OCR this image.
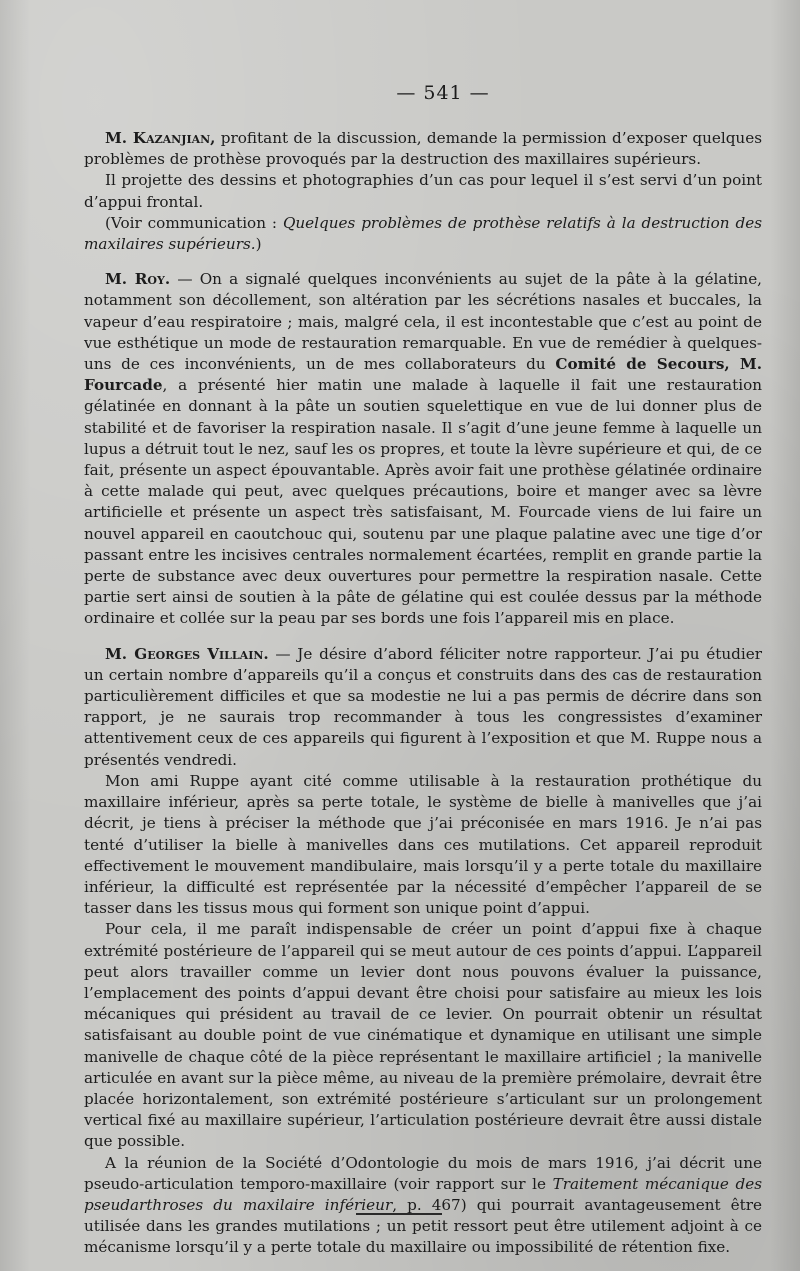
— 541 —

M. Kazanjian, profitant de la discussion, demande la permission d’exposer quelques problèmes de prothèse provoqués par la destruction des maxillaires supérieurs.

Il projette des dessins et photographies d’un cas pour lequel il s’est servi d’un point d’appui frontal.

(Voir communication : Quelques problèmes de prothèse relatifs à la destruction des maxilaires supérieurs.)

M. Roy. — On a signalé quelques inconvénients au sujet de la pâte à la gélatine, notamment son décollement, son altération par les sécrétions nasales et buccales, la vapeur d’eau respiratoire ; mais, malgré cela, il est incontestable que c’est au point de vue esthétique un mode de restauration remarquable. En vue de remédier à quelques-uns de ces inconvénients, un de mes collaborateurs du Comité de Secours, M. Fourcade, a présenté hier matin une malade à laquelle il fait une restauration gélatinée en donnant à la pâte un soutien squelettique en vue de lui donner plus de stabilité et de favoriser la respiration nasale. Il s’agit d’une jeune femme à laquelle un lupus a détruit tout le nez, sauf les os propres, et toute la lèvre supérieure et qui, de ce fait, présente un aspect épouvantable. Après avoir fait une prothèse gélatinée ordinaire à cette malade qui peut, avec quelques précautions, boire et manger avec sa lèvre artificielle et présente un aspect très satisfaisant, M. Fourcade viens de lui faire un nouvel appareil en caoutchouc qui, soutenu par une plaque palatine avec une tige d’or passant entre les incisives centrales normalement écartées, remplit en grande partie la perte de substance avec deux ouvertures pour permettre la respiration nasale. Cette partie sert ainsi de soutien à la pâte de gélatine qui est coulée dessus par la méthode ordinaire et collée sur la peau par ses bords une fois l’appareil mis en place.

M. Georges Villain. — Je désire d’abord féliciter notre rapporteur. J’ai pu étudier un certain nombre d’appareils qu’il a conçus et construits dans des cas de restauration particulièrement difficiles et que sa modestie ne lui a pas permis de décrire dans son rapport, je ne saurais trop recommander à tous les congressistes d’examiner attentivement ceux de ces appareils qui figurent à l’exposition et que M. Ruppe nous a présentés vendredi.

Mon ami Ruppe ayant cité comme utilisable à la restauration prothétique du maxillaire inférieur, après sa perte totale, le système de bielle à manivelles que j’ai décrit, je tiens à préciser la méthode que j’ai préconisée en mars 1916. Je n’ai pas tenté d’utiliser la bielle à manivelles dans ces mutilations. Cet appareil reproduit effectivement le mouvement mandibulaire, mais lorsqu’il y a perte totale du maxillaire inférieur, la difficulté est représentée par la nécessité d’empêcher l’appareil de se tasser dans les tissus mous qui forment son unique point d’appui.

Pour cela, il me paraît indispensable de créer un point d’appui fixe à chaque extrémité postérieure de l’appareil qui se meut autour de ces points d’appui. L’appareil peut alors travailler comme un levier dont nous pouvons évaluer la puissance, l’emplacement des points d’appui devant être choisi pour satisfaire au mieux les lois mécaniques qui président au travail de ce levier. On pourrait obtenir un résultat satisfaisant au double point de vue cinématique et dynamique en utilisant une simple manivelle de chaque côté de la pièce représentant le maxillaire artificiel ; la manivelle articulée en avant sur la pièce même, au niveau de la première prémolaire, devrait être placée horizontalement, son extrémité postérieure s’articulant sur un prolongement vertical fixé au maxillaire supérieur, l’articulation postérieure devrait être aussi distale que possible.

A la réunion de la Société d’Odontologie du mois de mars 1916, j’ai décrit une pseudo-articulation temporo-maxillaire (voir rapport sur le Traitement mécanique des pseudarthroses du maxilaire inférieur, p. 467) qui pourrait avantageusement être utilisée dans les grandes mutilations ; un petit ressort peut être utilement adjoint à ce mécanisme lorsqu’il y a perte totale du maxillaire ou impossibilité de rétention fixe.
